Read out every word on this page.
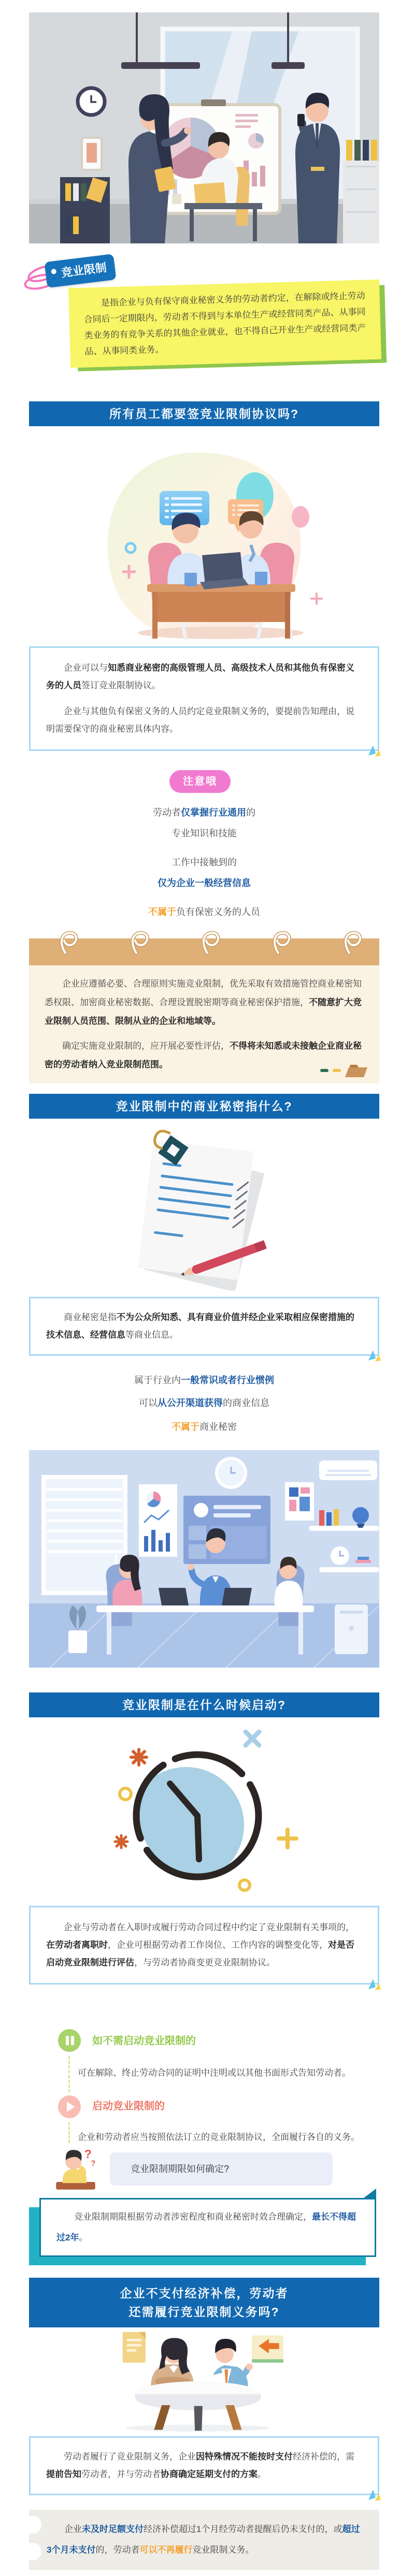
竞业限制

是指企业与负有保守商业秘密义务的劳动者约定，在解除或终止劳动合同后一定期限内，劳动者不得到与本单位生产或经营同类产品、从事同类业务的有竞争关系的其他企业就业，也不得自己开业生产或经营同类产品、从事同类业务。

所有员工都要签竞业限制协议吗?

企业可以与知悉商业秘密的高级管理人员、高级技术人员和其他负有保密义务的人员签订竞业限制协议。

企业与其他负有保密义务的人员约定竞业限制义务的，要提前告知理由，说明需要保守的商业秘密具体内容。

注意哦
劳动者仅掌握行业通用的
专业知识和技能
工作中接触到的
仅为企业一般经营信息
不属于负有保密义务的人员

企业应遵循必要、合理原则实施竞业限制，优先采取有效措施管控商业秘密知悉权限、加密商业秘密数据、合理设置脱密期等商业秘密保护措施，不随意扩大竞业限制人员范围、限制从业的企业和地域等。

确定实施竞业限制的，应开展必要性评估，不得将未知悉或未接触企业商业秘密的劳动者纳入竞业限制范围。

竞业限制中的商业秘密指什么?

商业秘密是指不为公众所知悉、具有商业价值并经企业采取相应保密措施的技术信息、经营信息等商业信息。

属于行业内一般常识或者行业惯例
可以从公开渠道获得的商业信息
不属于商业秘密
竞业限制是在什么时候启动?

企业与劳动者在入职时或履行劳动合同过程中约定了竞业限制有关事项的，在劳动者离职时，企业可根据劳动者工作岗位、工作内容的调整变化等，对是否启动竞业限制进行评估，与劳动者协商变更竞业限制协议。

如不需启动竞业限制的
可在解除、终止劳动合同的证明中注明或以其他书面形式告知劳动者。
启动竞业限制的
企业和劳动者应当按照依法订立的竞业限制协议，全面履行各自的义务。
?
?
竞业限制期限如何确定?

竞业限制期限根据劳动者涉密程度和商业秘密时效合理确定，最长不得超过2年。

企业不支付经济补偿，劳动者
还需履行竞业限制义务吗?

劳动者履行了竞业限制义务，企业因特殊情况不能按时支付经济补偿的，需提前告知劳动者，并与劳动者协商确定延期支付的方案。

企业未及时足额支付经济补偿超过1个月经劳动者提醒后仍未支付的，或超过3个月未支付的，劳动者可以不再履行竞业限制义务。
